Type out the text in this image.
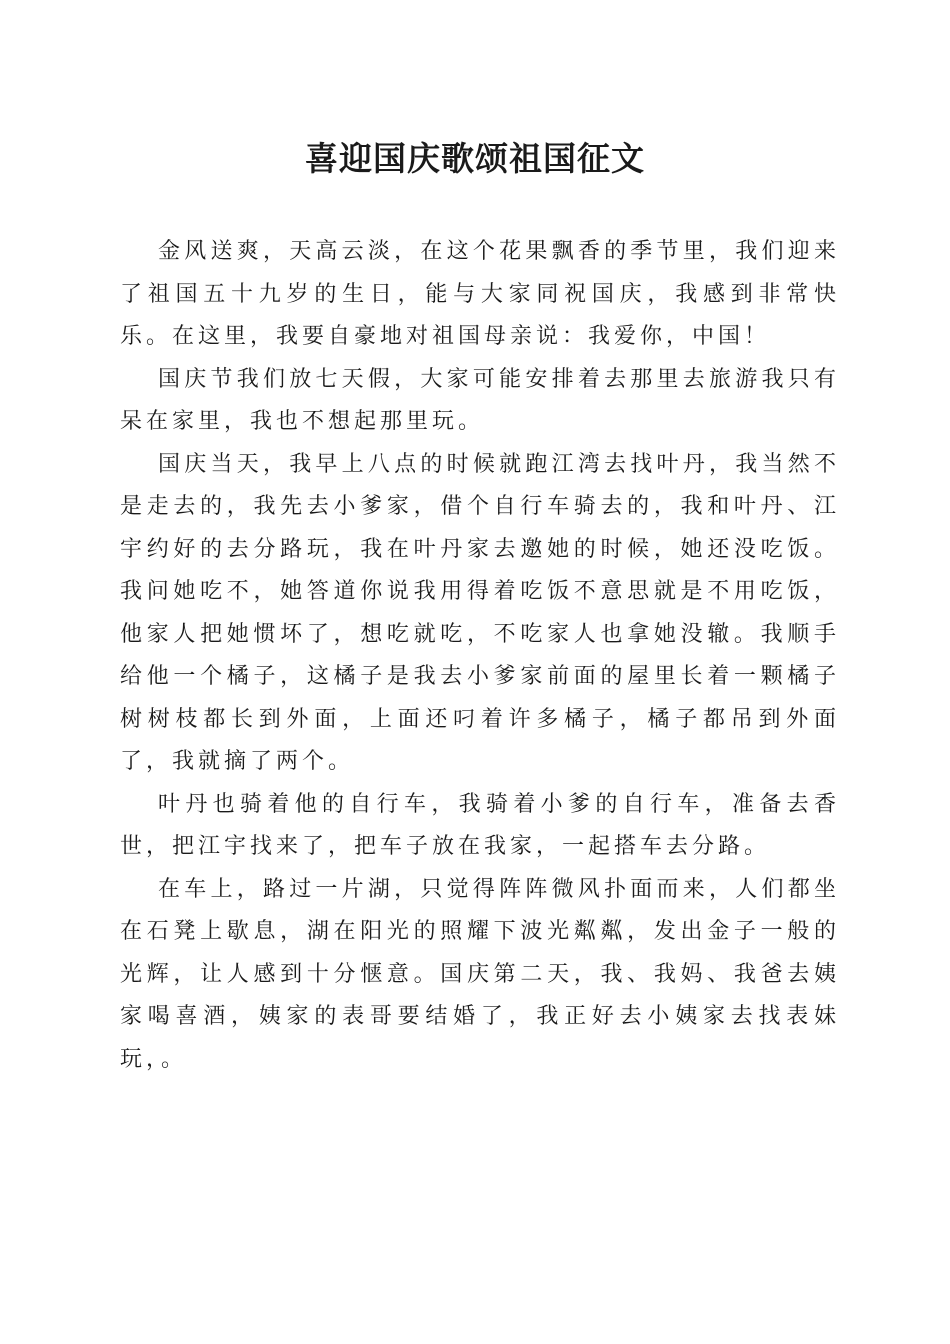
喜迎国庆歌颂祖国征文

金风送爽，天高云淡，在这个花果飘香的季节里，我们迎来了祖国五十九岁的生日，能与大家同祝国庆，我感到非常快乐。在这里，我要自豪地对祖国母亲说：我爱你，中国！

国庆节我们放七天假，大家可能安排着去那里去旅游我只有呆在家里，我也不想起那里玩。

国庆当天，我早上八点的时候就跑江湾去找叶丹，我当然不是走去的，我先去小爹家，借个自行车骑去的，我和叶丹、江宇约好的去分路玩，我在叶丹家去邀她的时候，她还没吃饭。我问她吃不，她答道你说我用得着吃饭不意思就是不用吃饭，他家人把她惯坏了，想吃就吃，不吃家人也拿她没辙。我顺手给他一个橘子，这橘子是我去小爹家前面的屋里长着一颗橘子树树枝都长到外面，上面还叼着许多橘子，橘子都吊到外面了，我就摘了两个。

叶丹也骑着他的自行车，我骑着小爹的自行车，准备去香世，把江宇找来了，把车子放在我家，一起搭车去分路。

在车上，路过一片湖，只觉得阵阵微风扑面而来，人们都坐在石凳上歇息，湖在阳光的照耀下波光粼粼，发出金子一般的光辉，让人感到十分惬意。国庆第二天，我、我妈、我爸去姨家喝喜酒，姨家的表哥要结婚了，我正好去小姨家去找表妹玩，。
